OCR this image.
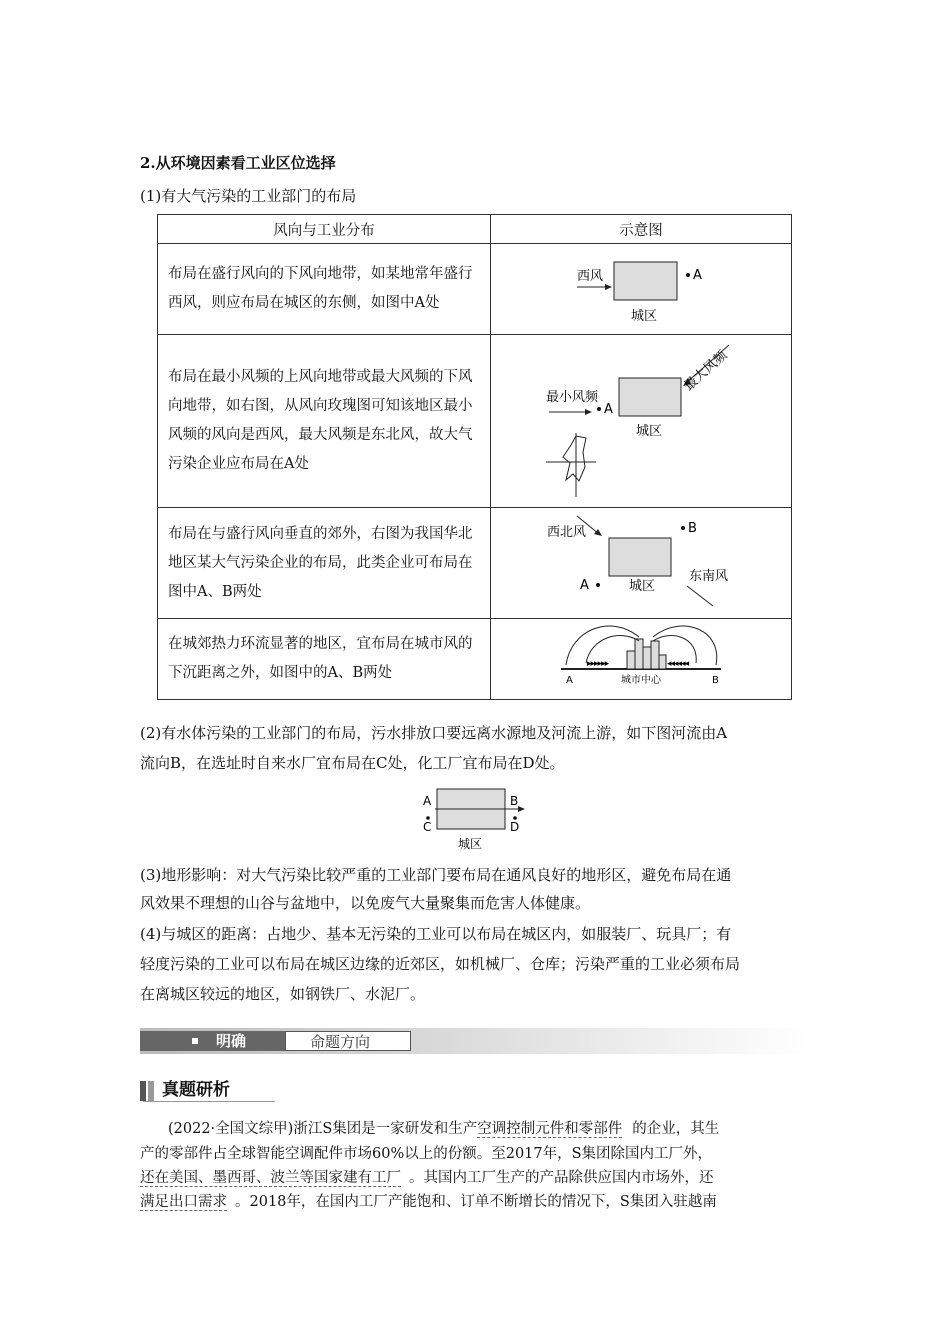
2.从环境因素看工业区位选择
(1)有大气污染的工业部门的布局
风向与工业分布	示意图

布局在盛行风向的下风向地带，如某地常年盛行西风，则应布局在城区的东侧，如图中A处	西风 A
城区

布局在最小风频的上风向地带或最大风频的下风向地带，如右图，从风向玫瑰图可知该地区最小风频的风向是西风，最大风频是东北风，故大气污染企业应布局在A处	最大风频
最小风频
A
城区

布局在与盛行风向垂直的郊外，右图为我国华北地区某大气污染企业的布局，此类企业可布局在图中A、B两处	西北风 B
A 城区
东南风

在城郊热力环流显著的地区，宜布局在城市风的下沉距离之外，如图中的A、B两处	▸▸▸▸▸▸ ◂◂◂◂◂◂
A 城市中心 B
(2)有水体污染的工业部门的布局，污水排放口要远离水源地及河流上游，如下图河流由A
流向B，在选址时自来水厂宜布局在C处，化工厂宜布局在D处。
A	B
C	D
城区
(3)地形影响：对大气污染比较严重的工业部门要布局在通风良好的地形区，避免布局在通
风效果不理想的山谷与盆地中，以免废气大量聚集而危害人体健康。
(4)与城区的距离：占地少、基本无污染的工业可以布局在城区内，如服装厂、玩具厂；有
轻度污染的工业可以布局在城区边缘的近郊区，如机械厂、仓库；污染严重的工业必须布局
在离城区较远的地区，如钢铁厂、水泥厂。
明确	命题方向
真题研析
(2022·全国文综甲)浙江S集团是一家研发和生产空调控制元件和零部件 的企业，其生
产的零部件占全球智能空调配件市场60%以上的份额。至2017年，S集团除国内工厂外，
还在美国、墨西哥、波兰等国家建有工厂 。其国内工厂生产的产品除供应国内市场外，还
满足出口需求 。2018年，在国内工厂产能饱和、订单不断增长的情况下，S集团入驻越南
